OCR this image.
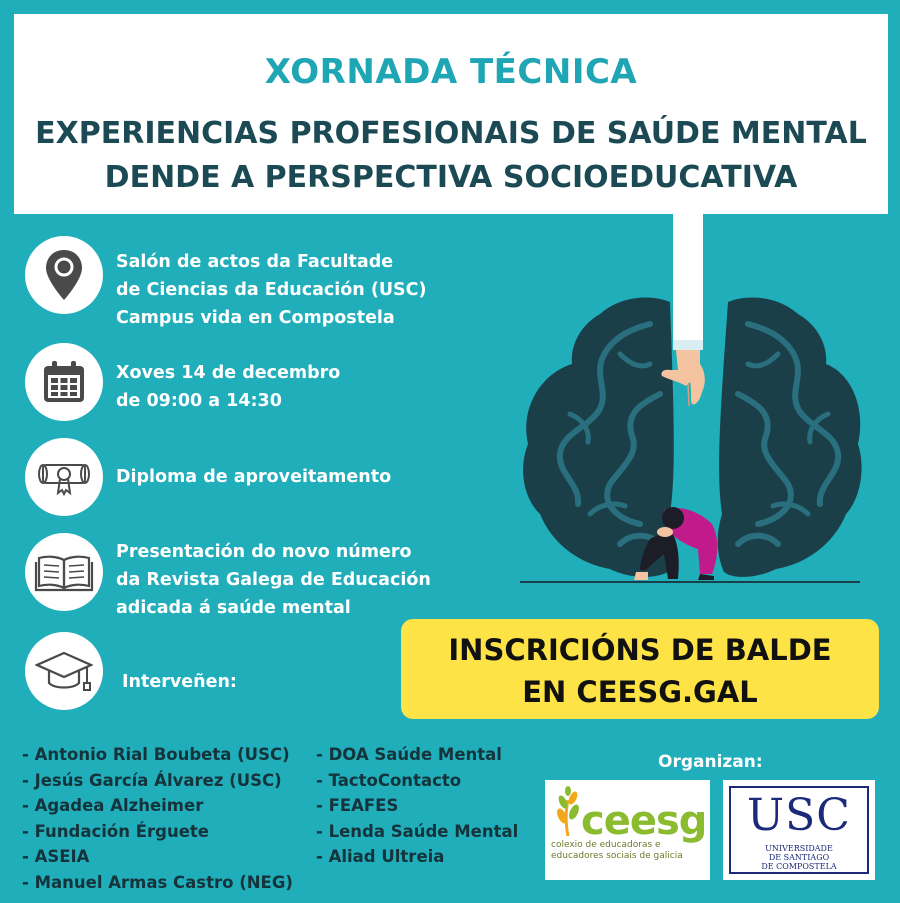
XORNADA TÉCNICA
EXPERIENCIAS PROFESIONAIS DE SAÚDE MENTAL
DENDE A PERSPECTIVA SOCIOEDUCATIVA
Salón de actos da Facultade
de Ciencias da Educación (USC)
Campus vida en Compostela
Xoves 14 de decembro
de 09:00 a 14:30
Diploma de aproveitamento
Presentación do novo número
da Revista Galega de Educación
adicada á saúde mental
Interveñen:
INSCRICIÓNS DE BALDE
EN CEESG.GAL
- Antonio Rial Boubeta (USC)
- Jesús García Álvarez (USC)
- Agadea Alzheimer
- Fundación Érguete
- ASEIA
- Manuel Armas Castro (NEG)
- DOA Saúde Mental
- TactoContacto
- FEAFES
- Lenda Saúde Mental
- Aliad Ultreia
Organizan:
ceesg
colexio de educadoras e
educadores sociais de galicia
USC
UNIVERSIDADE
DE SANTIAGO
DE COMPOSTELA
